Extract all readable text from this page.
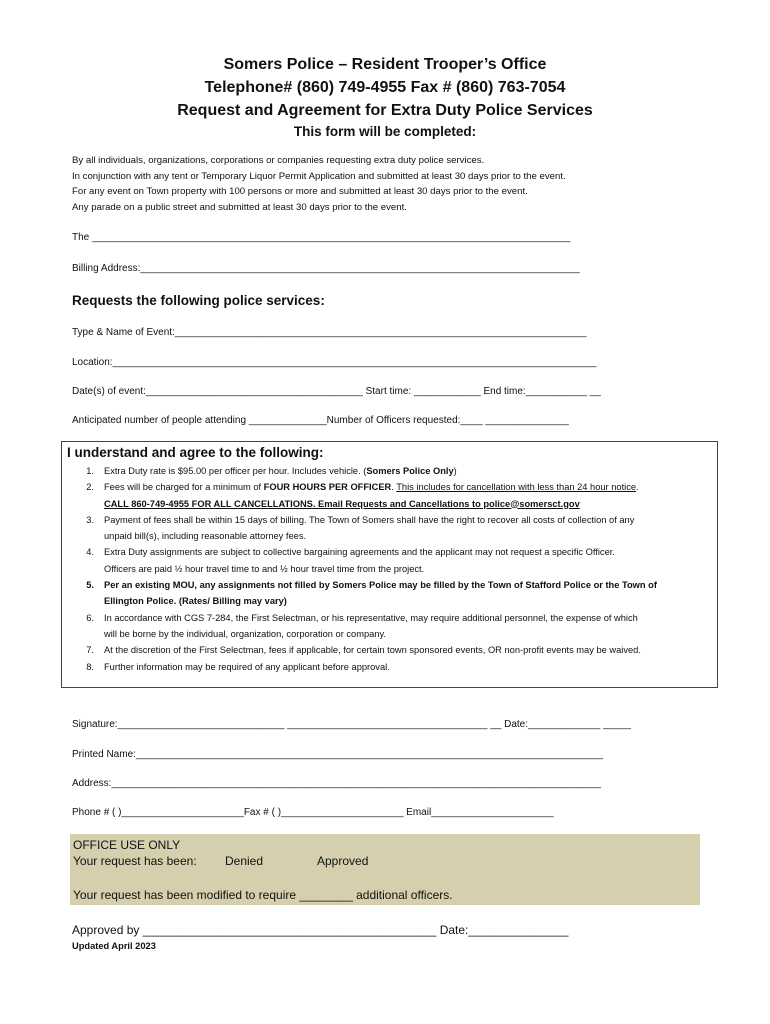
Somers Police – Resident Trooper’s Office
Telephone# (860) 749-4955 Fax # (860) 763-7054
Request and Agreement for Extra Duty Police Services
This form will be completed:
By all individuals, organizations, corporations or companies requesting extra duty police services.
In conjunction with any tent or Temporary Liquor Permit Application and submitted at least 30 days prior to the event.
For any event on Town property with 100 persons or more and submitted at least 30 days prior to the event.
Any parade on a public street and submitted at least 30 days prior to the event.
The ______________________________________________________________________________________
Billing Address:_______________________________________________________________________________
Requests the following police services:
Type & Name of Event:__________________________________________________________________________
Location:_______________________________________________________________________________________
Date(s) of event:_______________________________________ Start time: ____________ End time:___________ __
Anticipated number of people attending ______________Number of Officers requested:____ _______________
I understand and agree to the following:
1. Extra Duty rate is $95.00 per officer per hour. Includes vehicle. (Somers Police Only)
2. Fees will be charged for a minimum of FOUR HOURS PER OFFICER. This includes for cancellation with less than 24 hour notice.
CALL 860-749-4955 FOR ALL CANCELLATIONS. Email Requests and Cancellations to police@somersct.gov
3. Payment of fees shall be within 15 days of billing. The Town of Somers shall have the right to recover all costs of collection of any
unpaid bill(s), including reasonable attorney fees.
4. Extra Duty assignments are subject to collective bargaining agreements and the applicant may not request a specific Officer.
Officers are paid ½ hour travel time to and ½ hour travel time from the project.
5. Per an existing MOU, any assignments not filled by Somers Police may be filled by the Town of Stafford Police or the Town of
Ellington Police. (Rates/ Billing may vary)
6. In accordance with CGS 7-284, the First Selectman, or his representative, may require additional personnel, the expense of which
will be borne by the individual, organization, corporation or company.
7. At the discretion of the First Selectman, fees if applicable, for certain town sponsored events, OR non-profit events may be waived.
8. Further information may be required of any applicant before approval.
Signature:______________________________ ____________________________________ __ Date:_____________ _____
Printed Name:____________________________________________________________________________________
Address:________________________________________________________________________________________
Phone # ( )______________________Fax # ( )______________________ Email______________________
OFFICE USE ONLY
Your request has been: Denied	Approved
Your request has been modified to require ________ additional officers.
Approved by ____________________________________________ Date:_______________
Updated April 2023
